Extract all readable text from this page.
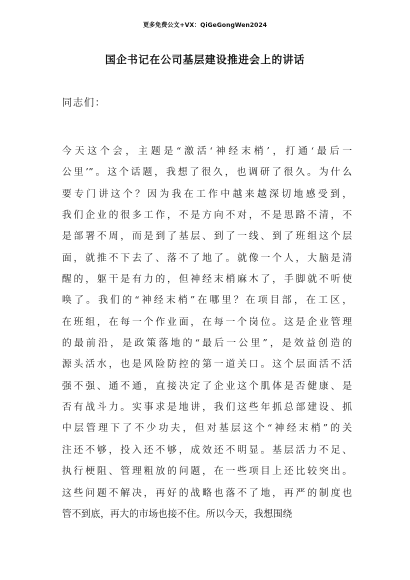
更多免费公文+VX：QiGeGongWen2024
国企书记在公司基层建设推进会上的讲话
同志们：
今天这个会，主题是“激活‘神经末梢’，打通‘最后一
公里’”。这个话题，我想了很久，也调研了很久。为什么
要专门讲这个？因为我在工作中越来越深切地感受到，
我们企业的很多工作，不是方向不对，不是思路不清，不
是部署不周，而是到了基层、到了一线、到了班组这个层
面，就推不下去了、落不了地了。就像一个人，大脑是清
醒的，躯干是有力的，但神经末梢麻木了，手脚就不听使
唤了。我们的“神经末梢”在哪里？在项目部，在工区，
在班组，在每一个作业面，在每一个岗位。这是企业管理
的最前沿，是政策落地的“最后一公里”，是效益创造的
源头活水，也是风险防控的第一道关口。这个层面活不活
强不强、通不通，直接决定了企业这个肌体是否健康、是
否有战斗力。实事求是地讲，我们这些年抓总部建设、抓
中层管理下了不少功夫，但对基层这个“神经末梢”的关
注还不够，投入还不够，成效还不明显。基层活力不足、
执行梗阻、管理粗放的问题，在一些项目上还比较突出。
这些问题不解决，再好的战略也落不了地，再严的制度也
管不到底，再大的市场也接不住。所以今天，我想围绕
